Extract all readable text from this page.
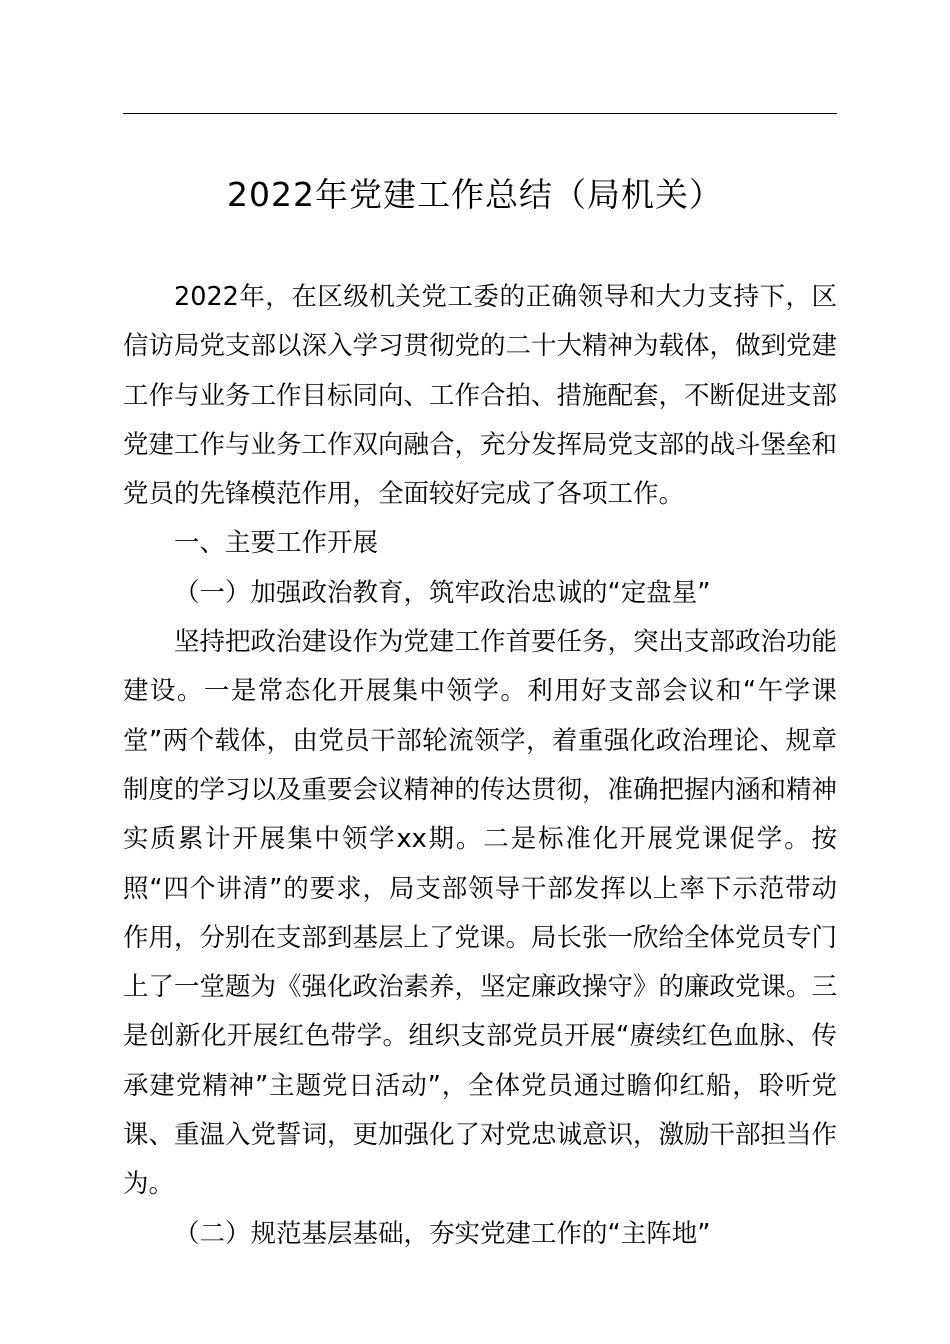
2022年党建工作总结（局机关）

2022年，在区级机关党工委的正确领导和大力支持下，区信访局党支部以深入学习贯彻党的二十大精神为载体，做到党建工作与业务工作目标同向、工作合拍、措施配套，不断促进支部党建工作与业务工作双向融合，充分发挥局党支部的战斗堡垒和党员的先锋模范作用，全面较好完成了各项工作。

一、主要工作开展

（一）加强政治教育，筑牢政治忠诚的“定盘星”

坚持把政治建设作为党建工作首要任务，突出支部政治功能建设。一是常态化开展集中领学。利用好支部会议和“午学课堂”两个载体，由党员干部轮流领学，着重强化政治理论、规章制度的学习以及重要会议精神的传达贯彻，准确把握内涵和精神实质累计开展集中领学xx期。二是标准化开展党课促学。按照“四个讲清”的要求，局支部领导干部发挥以上率下示范带动作用，分别在支部到基层上了党课。局长张一欣给全体党员专门上了一堂题为《强化政治素养，坚定廉政操守》的廉政党课。三是创新化开展红色带学。组织支部党员开展“赓续红色血脉、传承建党精神”主题党日活动”，全体党员通过瞻仰红船，聆听党课、重温入党誓词，更加强化了对党忠诚意识，激励干部担当作为。

（二）规范基层基础，夯实党建工作的“主阵地”
